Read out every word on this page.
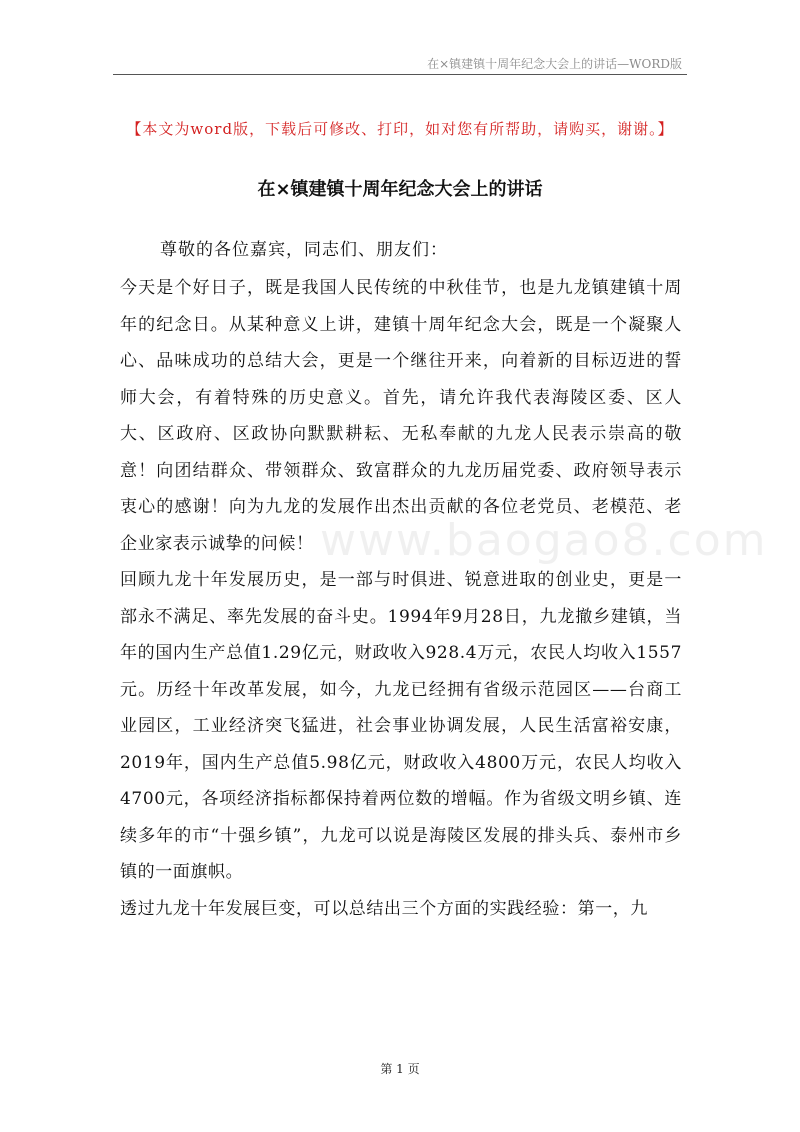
在×镇建镇十周年纪念大会上的讲话—WORD版
【本文为word版，下载后可修改、打印，如对您有所帮助，请购买，谢谢。】
在×镇建镇十周年纪念大会上的讲话
尊敬的各位嘉宾，同志们、朋友们：

今天是个好日子，既是我国人民传统的中秋佳节，也是九龙镇建镇十周年的纪念日。从某种意义上讲，建镇十周年纪念大会，既是一个凝聚人心、品味成功的总结大会，更是一个继往开来，向着新的目标迈进的誓师大会，有着特殊的历史意义。首先，请允许我代表海陵区委、区人大、区政府、区政协向默默耕耘、无私奉献的九龙人民表示崇高的敬意！向团结群众、带领群众、致富群众的九龙历届党委、政府领导表示衷心的感谢！向为九龙的发展作出杰出贡献的各位老党员、老模范、老企业家表示诚挚的问候！

回顾九龙十年发展历史，是一部与时俱进、锐意进取的创业史，更是一部永不满足、率先发展的奋斗史。1994年9月28日，九龙撤乡建镇，当年的国内生产总值1.29亿元，财政收入928.4万元，农民人均收入1557元。历经十年改革发展，如今，九龙已经拥有省级示范园区——台商工业园区，工业经济突飞猛进，社会事业协调发展，人民生活富裕安康，2019年，国内生产总值5.98亿元，财政收入4800万元，农民人均收入4700元，各项经济指标都保持着两位数的增幅。作为省级文明乡镇、连续多年的市“十强乡镇”，九龙可以说是海陵区发展的排头兵、泰州市乡镇的一面旗帜。

透过九龙十年发展巨变，可以总结出三个方面的实践经验：第一，九

www.baogao8.com
第 1 页
